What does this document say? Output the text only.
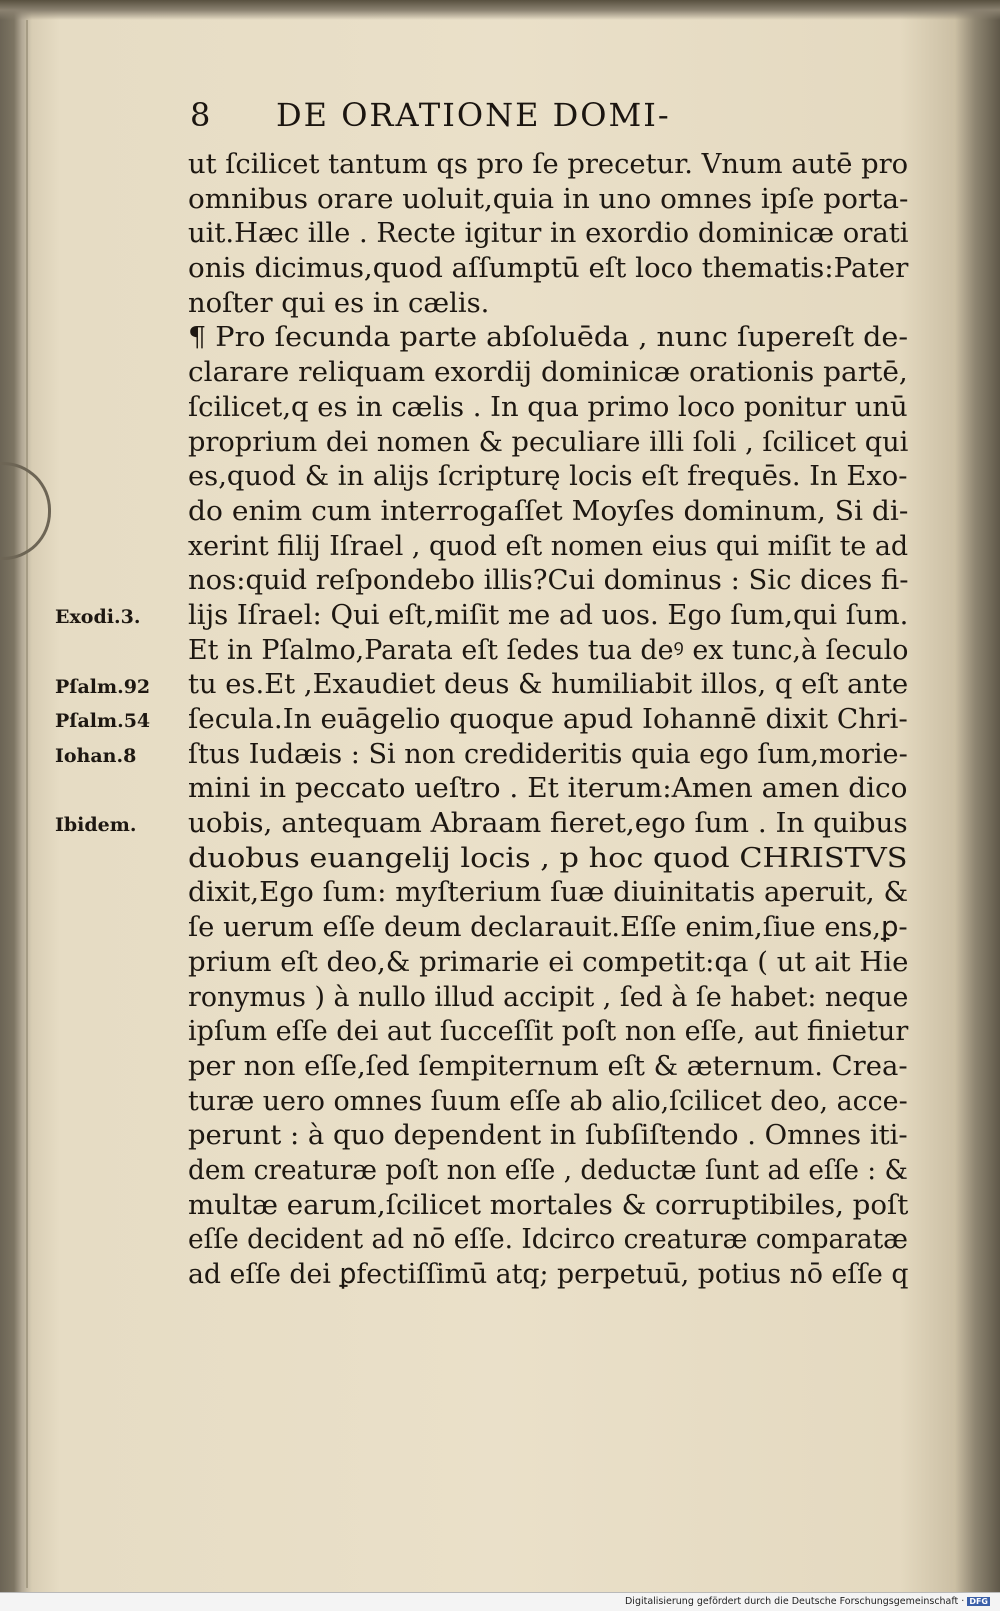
8 DE ORATIONE DOMI-
ut ſcilicet tantum qs pro ſe precetur. Vnum autē pro
omnibus orare uoluit,quia in uno omnes ipſe porta-
uit.Hæc ille . Recte igitur in exordio dominicæ orati
onis dicimus,quod aſſumptū eſt loco thematis:Pater
noſter qui es in cælis.
¶ Pro ſecunda parte abſoluēda , nunc ſupereſt de-
clarare reliquam exordij dominicæ orationis partē,
ſcilicet,q es in cælis . In qua primo loco ponitur unū
proprium dei nomen & peculiare illi ſoli , ſcilicet qui
es,quod & in alijs ſcripturę locis eſt frequēs. In Exo-
do enim cum interrogaſſet Moyſes dominum, Si di-
xerint filij Iſrael , quod eſt nomen eius qui miſit te ad
nos:quid reſpondebo illis?Cui dominus : Sic dices fi-
lijs Iſrael: Qui eſt,miſit me ad uos. Ego ſum,qui ſum.
Et in Pſalmo,Parata eſt ſedes tua deꝰ ex tunc,à ſeculo
tu es.Et ,Exaudiet deus & humiliabit illos, q eſt ante
ſecula.In euāgelio quoque apud Iohannē dixit Chri-
ſtus Iudæis : Si non credideritis quia ego ſum,morie-
mini in peccato ueſtro . Et iterum:Amen amen dico
uobis, antequam Abraam fieret,ego ſum . In quibus
duobus euangelij locis , p hoc quod CHRISTVS
dixit,Ego ſum: myſterium ſuæ diuinitatis aperuit, &
ſe uerum eſſe deum declarauit.Eſſe enim,ſiue ens,ꝑ-
prium eſt deo,& primarie ei competit:qa ( ut ait Hie
ronymus ) à nullo illud accipit , ſed à ſe habet: neque
ipſum eſſe dei aut ſucceſſit poſt non eſſe, aut finietur
per non eſſe,ſed ſempiternum eſt & æternum. Crea-
turæ uero omnes ſuum eſſe ab alio,ſcilicet deo, acce-
perunt : à quo dependent in ſubſiſtendo . Omnes iti-
dem creaturæ poſt non eſſe , deductæ ſunt ad eſſe : &
multæ earum,ſcilicet mortales & corruptibiles, poſt
eſſe decident ad nō eſſe. Idcirco creaturæ comparatæ
ad eſſe dei ꝑfectiſſimū atq; perpetuū, potius nō eſſe q
Exodi.3.
Pſalm.92
Pſalm.54
Iohan.8
Ibidem.
Digitalisierung gefördert durch die Deutsche Forschungsgemeinschaft · DFG
